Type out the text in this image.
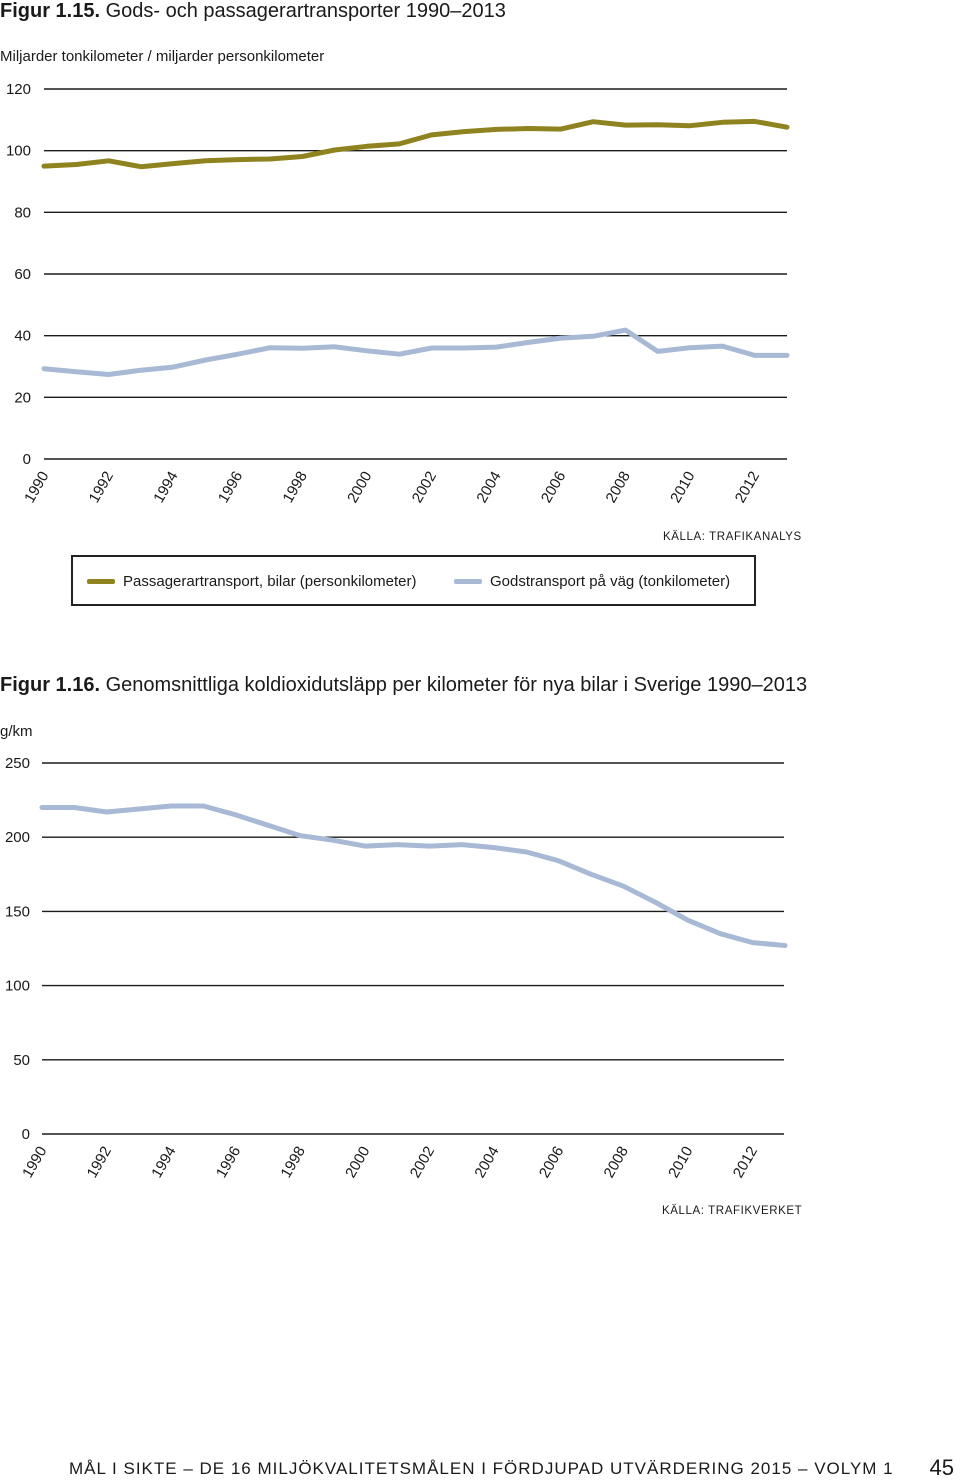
Figur 1.15. Gods- och passagerartransporter 1990–2013
Miljarder tonkilometer / miljarder personkilometer
0
20
40
60
80
100
120
1990 1992 1994 1996 1998 2000 2002 2004 2006 2008 2010 2012
KÄLLA: TRAFIKANALYS
Passagerartransport, bilar (personkilometer)	Godstransport på väg (tonkilometer)
Figur 1.16. Genomsnittliga koldioxidutsläpp per kilometer för nya bilar i Sverige 1990–2013
g/km
0
50
100
150
200
250
1990 1992 1994 1996 1998 2000 2002 2004 2006 2008 2010 2012
KÄLLA: TRAFIKVERKET
MÅL I SIKTE – DE 16 MILJÖKVALITETSMÅLEN I FÖRDJUPAD UTVÄRDERING 2015 – VOLYM 1 45
